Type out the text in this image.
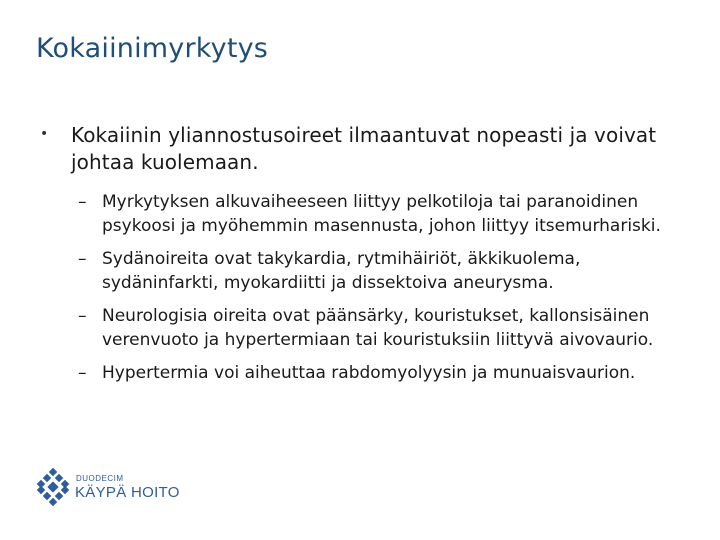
Kokaiinimyrkytys
• Kokaiinin yliannostusoireet ilmaantuvat nopeasti ja voivat johtaa kuolemaan.
– Myrkytyksen alkuvaiheeseen liittyy pelkotiloja tai paranoidinen psykoosi ja myöhemmin masennusta, johon liittyy itsemurhariski.
– Sydänoireita ovat takykardia, rytmihäiriöt, äkkikuolema, sydäninfarkti, myokardiitti ja dissektoiva aneurysma.
– Neurologisia oireita ovat päänsärky, kouristukset, kallonsisäinen verenvuoto ja hypertermiaan tai kouristuksiin liittyvä aivovaurio.
– Hypertermia voi aiheuttaa rabdomyolyysin ja munuaisvaurion.
DUODECIM
KÄYPÄ HOITO
